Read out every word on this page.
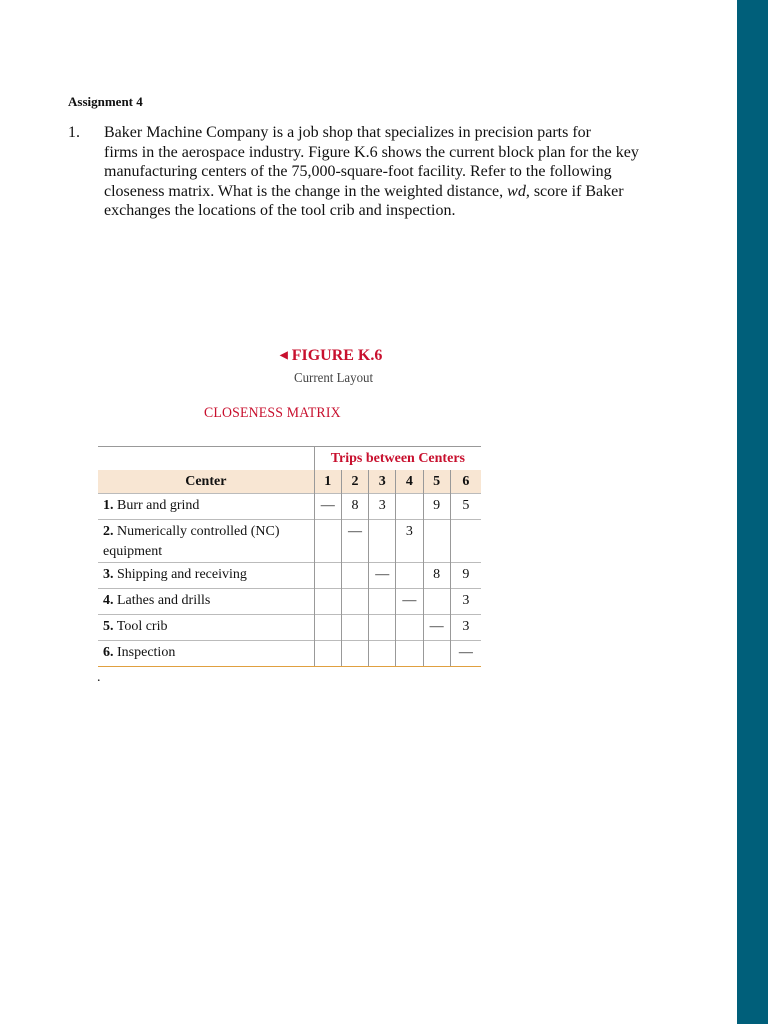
Assignment 4
1. Baker Machine Company is a job shop that specializes in precision parts for
firms in the aerospace industry. Figure K.6 shows the current block plan for the key
manufacturing centers of the 75,000-square-foot facility. Refer to the following
closeness matrix. What is the change in the weighted distance, wd, score if Baker
exchanges the locations of the tool crib and inspection.
◀ FIGURE K.6
Current Layout
CLOSENESS MATRIX
	Trips between Centers					
Center	1	2	3	4	5	6
1. Burr and grind	—	8	3		9	5
2. Numerically controlled (NC) equipment		—		3		
3. Shipping and receiving			—		8	9
4. Lathes and drills				—		3
5. Tool crib					—	3
6. Inspection						—
.
